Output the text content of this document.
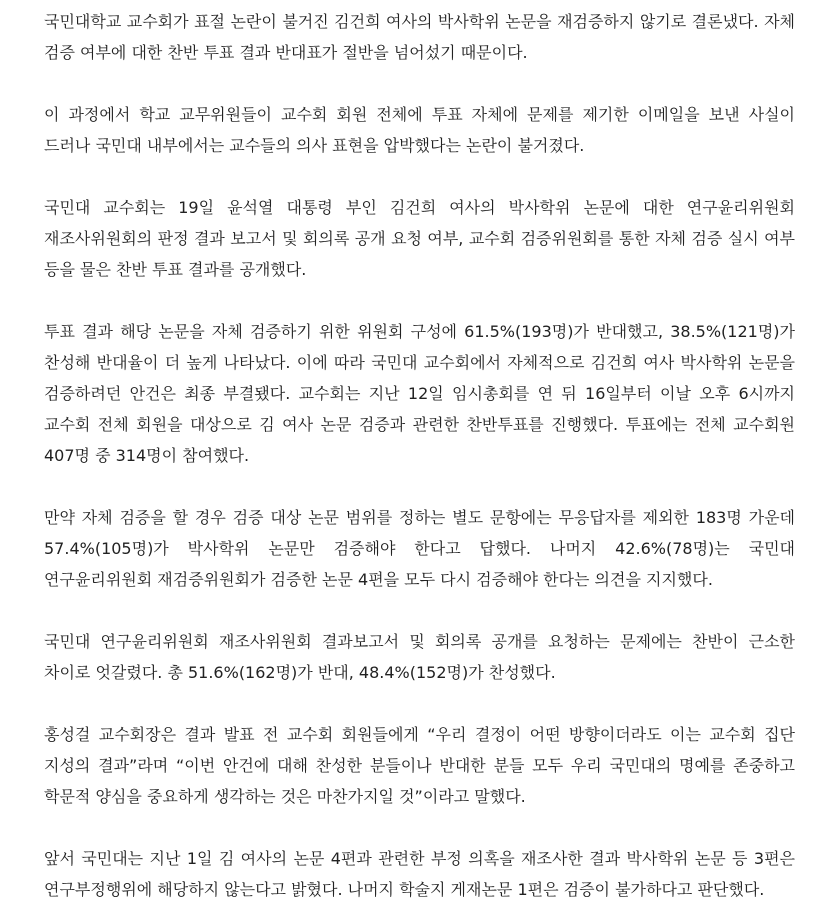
국민대학교 교수회가 표절 논란이 불거진 김건희 여사의 박사학위 논문을 재검증하지 않기로 결론냈다. 자체 검증 여부에 대한 찬반 투표 결과 반대표가 절반을 넘어섰기 때문이다.

이 과정에서 학교 교무위원들이 교수회 회원 전체에 투표 자체에 문제를 제기한 이메일을 보낸 사실이 드러나 국민대 내부에서는 교수들의 의사 표현을 압박했다는 논란이 불거졌다.

국민대 교수회는 19일 윤석열 대통령 부인 김건희 여사의 박사학위 논문에 대한 연구윤리위원회 재조사위원회의 판정 결과 보고서 및 회의록 공개 요청 여부, 교수회 검증위원회를 통한 자체 검증 실시 여부 등을 물은 찬반 투표 결과를 공개했다.

투표 결과 해당 논문을 자체 검증하기 위한 위원회 구성에 61.5%(193명)가 반대했고, 38.5%(121명)가 찬성해 반대율이 더 높게 나타났다. 이에 따라 국민대 교수회에서 자체적으로 김건희 여사 박사학위 논문을 검증하려던 안건은 최종 부결됐다. 교수회는 지난 12일 임시총회를 연 뒤 16일부터 이날 오후 6시까지 교수회 전체 회원을 대상으로 김 여사 논문 검증과 관련한 찬반투표를 진행했다. 투표에는 전체 교수회원 407명 중 314명이 참여했다.

만약 자체 검증을 할 경우 검증 대상 논문 범위를 정하는 별도 문항에는 무응답자를 제외한 183명 가운데 57.4%(105명)가 박사학위 논문만 검증해야 한다고 답했다. 나머지 42.6%(78명)는 국민대 연구윤리위원회 재검증위원회가 검증한 논문 4편을 모두 다시 검증해야 한다는 의견을 지지했다.

국민대 연구윤리위원회 재조사위원회 결과보고서 및 회의록 공개를 요청하는 문제에는 찬반이 근소한 차이로 엇갈렸다. 총 51.6%(162명)가 반대, 48.4%(152명)가 찬성했다.

홍성걸 교수회장은 결과 발표 전 교수회 회원들에게 “우리 결정이 어떤 방향이더라도 이는 교수회 집단 지성의 결과”라며 “이번 안건에 대해 찬성한 분들이나 반대한 분들 모두 우리 국민대의 명예를 존중하고 학문적 양심을 중요하게 생각하는 것은 마찬가지일 것”이라고 말했다.

앞서 국민대는 지난 1일 김 여사의 논문 4편과 관련한 부정 의혹을 재조사한 결과 박사학위 논문 등 3편은 연구부정행위에 해당하지 않는다고 밝혔다. 나머지 학술지 게재논문 1편은 검증이 불가하다고 판단했다.
